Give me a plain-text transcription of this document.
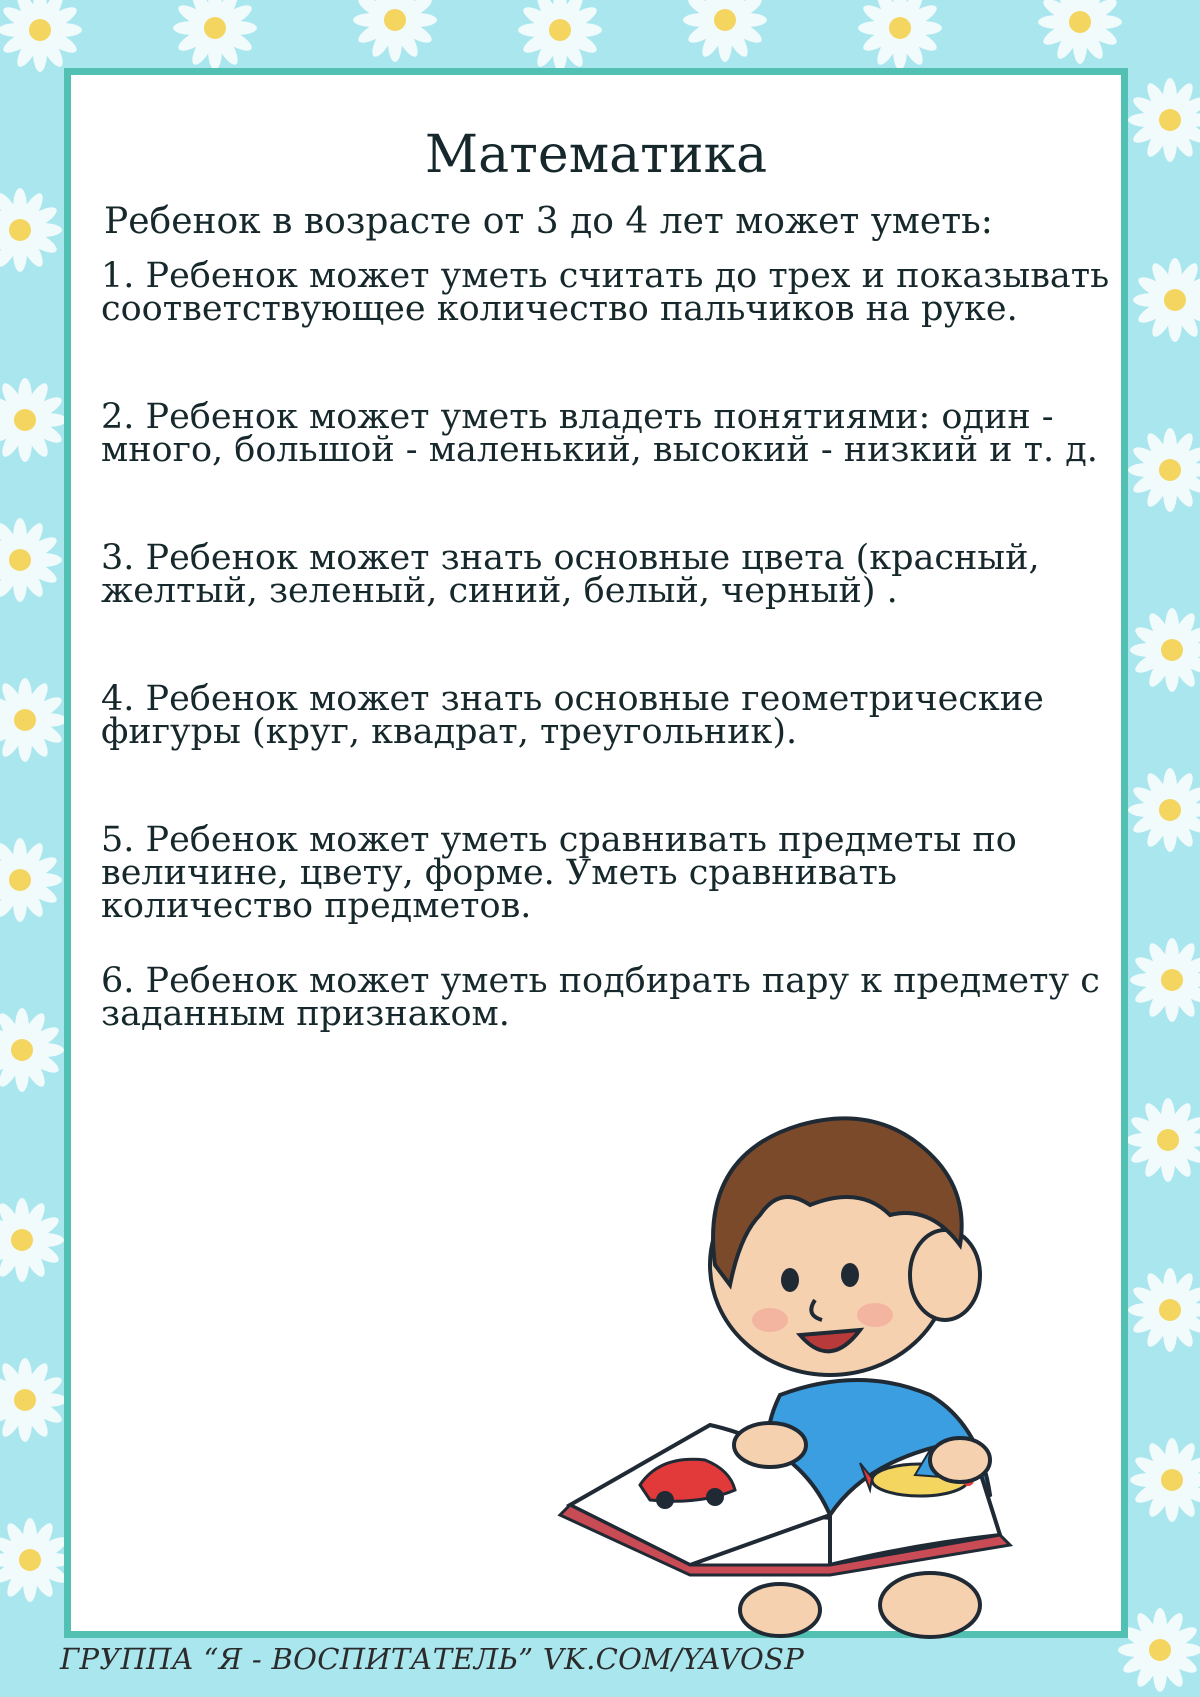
Математика

Ребенок в возрасте от 3 до 4 лет может уметь:

1. Ребенок может уметь считать до трех и показывать соответствующее количество пальчиков на руке.

2. Ребенок может уметь владеть понятиями: один - много, большой - маленький, высокий - низкий и т. д.

3. Ребенок может знать основные цвета (красный, желтый, зеленый, синий, белый, черный) .

4. Ребенок может знать основные геометрические фигуры (круг, квадрат, треугольник).

5. Ребенок может уметь сравнивать предметы по величине, цвету, форме. Уметь сравнивать количество предметов.

6. Ребенок может уметь подбирать пару к предмету с заданным признаком.

ГРУППА “Я - ВОСПИТАТЕЛЬ” VK.COM/YAVOSP
